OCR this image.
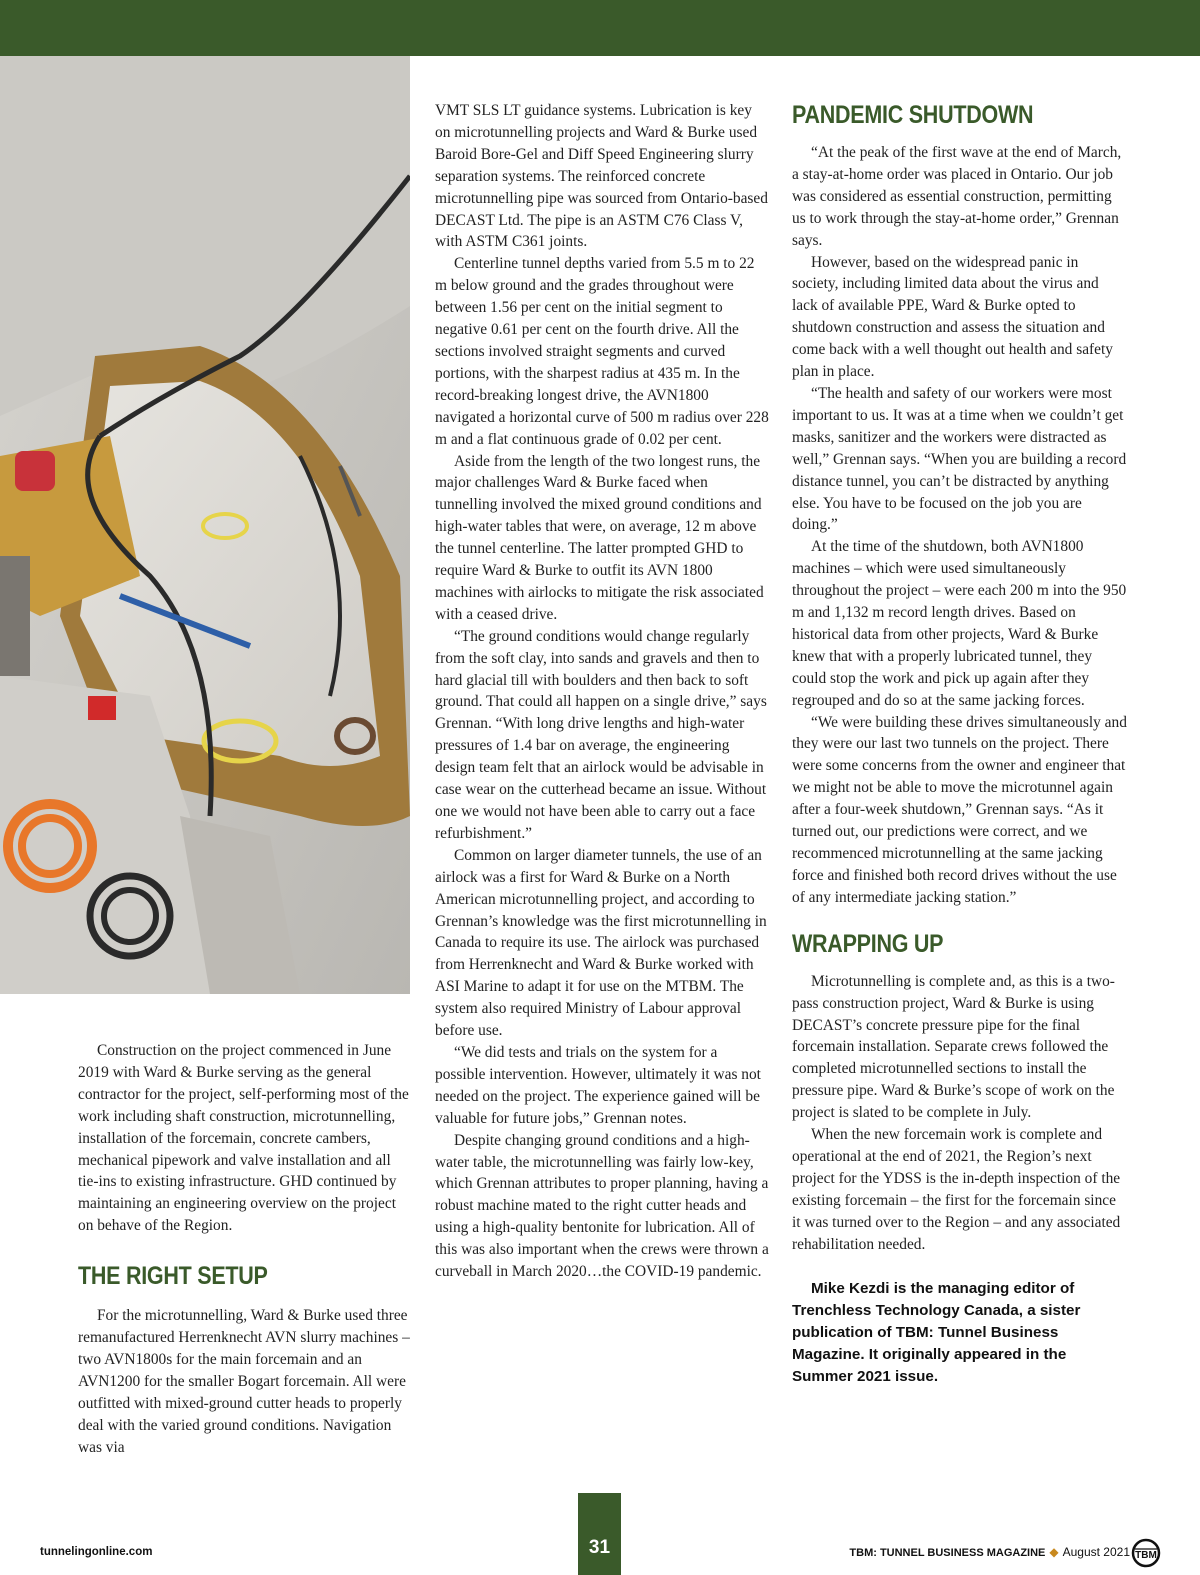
Construction on the project commenced in June 2019 with Ward & Burke serving as the general contractor for the project, self-performing most of the work including shaft construction, microtunnelling, installation of the forcemain, concrete cambers, mechanical pipework and valve installation and all tie-ins to existing infrastructure. GHD continued by maintaining an engineering overview on the project on behave of the Region.

THE RIGHT SETUP

For the microtunnelling, Ward & Burke used three remanufactured Herrenknecht AVN slurry machines – two AVN1800s for the main forcemain and an AVN1200 for the smaller Bogart forcemain. All were outfitted with mixed-ground cutter heads to properly deal with the varied ground conditions. Navigation was via

VMT SLS LT guidance systems. Lubrication is key on microtunnelling projects and Ward & Burke used Baroid Bore-Gel and Diff Speed Engineering slurry separation systems. The reinforced concrete microtunnelling pipe was sourced from Ontario-based DECAST Ltd. The pipe is an ASTM C76 Class V, with ASTM C361 joints.

Centerline tunnel depths varied from 5.5 m to 22 m below ground and the grades throughout were between 1.56 per cent on the initial segment to negative 0.61 per cent on the fourth drive. All the sections involved straight segments and curved portions, with the sharpest radius at 435 m. In the record-breaking longest drive, the AVN1800 navigated a horizontal curve of 500 m radius over 228 m and a flat continuous grade of 0.02 per cent.

Aside from the length of the two longest runs, the major challenges Ward & Burke faced when tunnelling involved the mixed ground conditions and high-water tables that were, on average, 12 m above the tunnel centerline. The latter prompted GHD to require Ward & Burke to outfit its AVN 1800 machines with airlocks to mitigate the risk associated with a ceased drive.

“The ground conditions would change regularly from the soft clay, into sands and gravels and then to hard glacial till with boulders and then back to soft ground. That could all happen on a single drive,” says Grennan. “With long drive lengths and high-water pressures of 1.4 bar on average, the engineering design team felt that an airlock would be advisable in case wear on the cutterhead became an issue. Without one we would not have been able to carry out a face refurbishment.”

Common on larger diameter tunnels, the use of an airlock was a first for Ward & Burke on a North American microtunnelling project, and according to Grennan’s knowledge was the first microtunnelling in Canada to require its use. The airlock was purchased from Herrenknecht and Ward & Burke worked with ASI Marine to adapt it for use on the MTBM. The system also required Ministry of Labour approval before use.

“We did tests and trials on the system for a possible intervention. However, ultimately it was not needed on the project. The experience gained will be valuable for future jobs,” Grennan notes.

Despite changing ground conditions and a high-water table, the microtunnelling was fairly low-key, which Grennan attributes to proper planning, having a robust machine mated to the right cutter heads and using a high-quality bentonite for lubrication. All of this was also important when the crews were thrown a curveball in March 2020…the COVID-19 pandemic.

PANDEMIC SHUTDOWN

“At the peak of the first wave at the end of March, a stay-at-home order was placed in Ontario. Our job was considered as essential construction, permitting us to work through the stay-at-home order,” Grennan says.

However, based on the widespread panic in society, including limited data about the virus and lack of available PPE, Ward & Burke opted to shutdown construction and assess the situation and come back with a well thought out health and safety plan in place.

“The health and safety of our workers were most important to us. It was at a time when we couldn’t get masks, sanitizer and the workers were distracted as well,” Grennan says. “When you are building a record distance tunnel, you can’t be distracted by anything else. You have to be focused on the job you are doing.”

At the time of the shutdown, both AVN1800 machines – which were used simultaneously throughout the project – were each 200 m into the 950 m and 1,132 m record length drives. Based on historical data from other projects, Ward & Burke knew that with a properly lubricated tunnel, they could stop the work and pick up again after they regrouped and do so at the same jacking forces.

“We were building these drives simultaneously and they were our last two tunnels on the project. There were some concerns from the owner and engineer that we might not be able to move the microtunnel again after a four-week shutdown,” Grennan says. “As it turned out, our predictions were correct, and we recommenced microtunnelling at the same jacking force and finished both record drives without the use of any intermediate jacking station.”

WRAPPING UP

Microtunnelling is complete and, as this is a two-pass construction project, Ward & Burke is using DECAST’s concrete pressure pipe for the final forcemain installation. Separate crews followed the completed microtunnelled sections to install the pressure pipe. Ward & Burke’s scope of work on the project is slated to be complete in July.

When the new forcemain work is complete and operational at the end of 2021, the Region’s next project for the YDSS is the in-depth inspection of the existing forcemain – the first for the forcemain since it was turned over to the Region – and any associated rehabilitation needed.

Mike Kezdi is the managing editor of Trenchless Technology Canada, a sister publication of TBM: Tunnel Business Magazine. It originally appeared in the Summer 2021 issue.

tunnelingonline.com	31	TBM: TUNNEL BUSINESS MAGAZINE ◆ August 2021 TBM
